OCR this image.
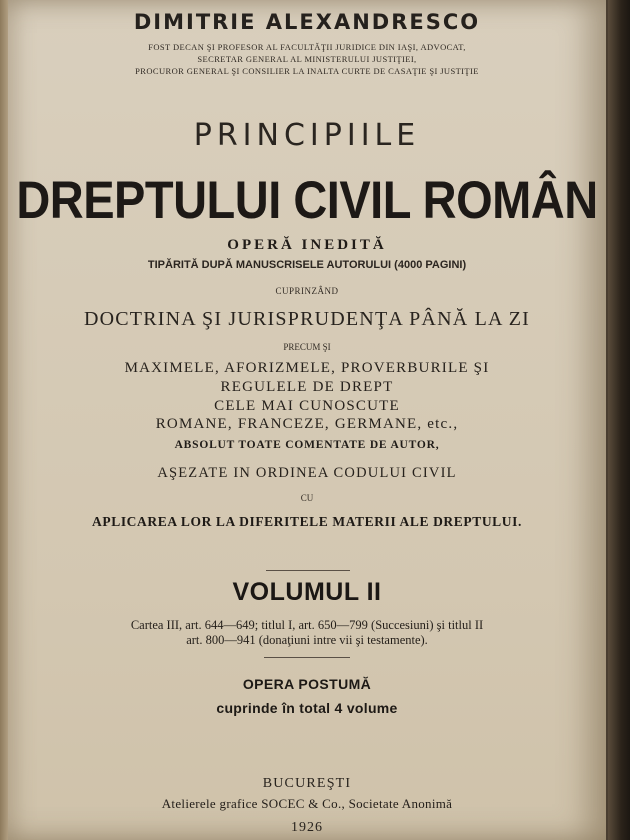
DIMITRIE ALEXANDRESCO
FOST DECAN ŞI PROFESOR AL FACULTĂŢII JURIDICE DIN IAŞI, ADVOCAT,
SECRETAR GENERAL AL MINISTERULUI JUSTIŢIEI,
PROCUROR GENERAL ŞI CONSILIER LA INALTA CURTE DE CASAŢIE ŞI JUSTIŢIE
PRINCIPIILE
DREPTULUI CIVIL ROMÂN
OPERĂ INEDITĂ
TIPĂRITĂ DUPĂ MANUSCRISELE AUTORULUI (4000 PAGINI)
CUPRINZÂND
DOCTRINA ŞI JURISPRUDENŢA PÂNĂ LA ZI
PRECUM ŞI
MAXIMELE, AFORIZMELE, PROVERBURILE ŞI
REGULELE DE DREPT
CELE MAI CUNOSCUTE
ROMANE, FRANCEZE, GERMANE, etc.,
ABSOLUT TOATE COMENTATE DE AUTOR,
AŞEZATE IN ORDINEA CODULUI CIVIL
CU
APLICAREA LOR LA DIFERITELE MATERII ALE DREPTULUI.
VOLUMUL II
Cartea III, art. 644—649; titlul I, art. 650—799 (Succesiuni) şi titlul II
art. 800—941 (donaţiuni intre vii şi testamente).
OPERA POSTUMĂ
cuprinde în total 4 volume
BUCUREŞTI
Atelierele grafice SOCEC & Co., Societate Anonimă
1926
